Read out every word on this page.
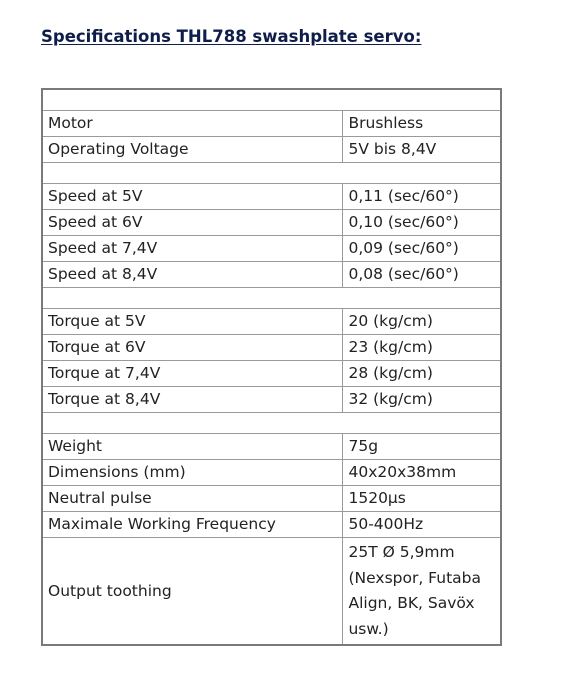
Specifications THL788 swashplate servo:

Motor	Brushless
Operating Voltage	5V bis 8,4V

Speed at 5V	0,11 (sec/60°)
Speed at 6V	0,10 (sec/60°)
Speed at 7,4V	0,09 (sec/60°)
Speed at 8,4V	0,08 (sec/60°)

Torque at 5V	20 (kg/cm)
Torque at 6V	23 (kg/cm)
Torque at 7,4V	28 (kg/cm)
Torque at 8,4V	32 (kg/cm)

Weight	75g
Dimensions (mm)	40x20x38mm
Neutral pulse	1520µs
Maximale Working Frequency	50-400Hz
Output toothing	25T Ø 5,9mm (Nexspor, Futaba Align, BK, Savöx usw.)
